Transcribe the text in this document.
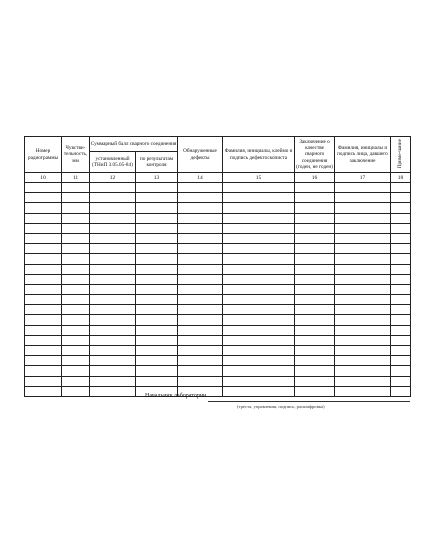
Номер радиограммы	Чувстви-тельность, мм	Суммарный балл сварного соединения		Обнаруженные дефекты	Фамилия, инициалы, клеймо и подпись дефектоскописта	Заключение о качестве сварного соединения (годен, не годен)	Фамилия, инициалы и подпись лица, давшего заключение	Приме-чание
		установленный (ТНиП 3.05.05-84)	по результатам контроля					
10	11	12	13	14	15	16	17	18

Начальник лаборатории
(треста, управления, подпись, расшифровка)
